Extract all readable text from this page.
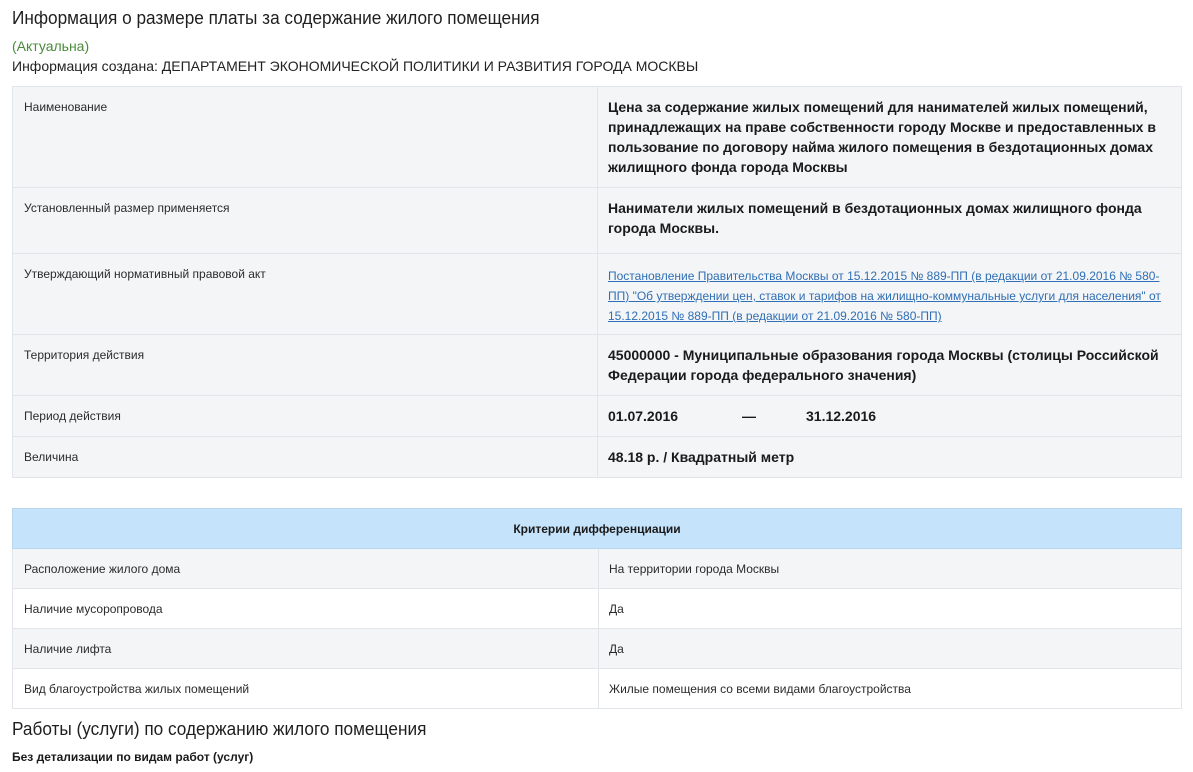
Информация о размере платы за содержание жилого помещения
(Актуальна)
Информация создана: ДЕПАРТАМЕНТ ЭКОНОМИЧЕСКОЙ ПОЛИТИКИ И РАЗВИТИЯ ГОРОДА МОСКВЫ
Наименование	Цена за содержание жилых помещений для нанимателей жилых помещений, принадлежащих на праве собственности городу Москве и предоставленных в пользование по договору найма жилого помещения в бездотационных домах жилищного фонда города Москвы
Установленный размер применяется	Наниматели жилых помещений в бездотационных домах жилищного фонда города Москвы.
Утверждающий нормативный правовой акт	Постановление Правительства Москвы от 15.12.2015 № 889-ПП (в редакции от 21.09.2016 № 580-ПП) "Об утверждении цен, ставок и тарифов на жилищно-коммунальные услуги для населения" от 15.12.2015 № 889-ПП (в редакции от 21.09.2016 № 580-ПП)

Территория действия	45000000 - Муниципальные образования города Москвы (столицы Российской Федерации города федерального значения)
Период действия	01.07.2016 — 31.12.2016

Величина	48.18 р. / Квадратный метр
Критерии дифференциации	
Расположение жилого дома	На территории города Москвы
Наличие мусоропровода	Да
Наличие лифта	Да
Вид благоустройства жилых помещений	Жилые помещения со всеми видами благоустройства
Работы (услуги) по содержанию жилого помещения
Без детализации по видам работ (услуг)
